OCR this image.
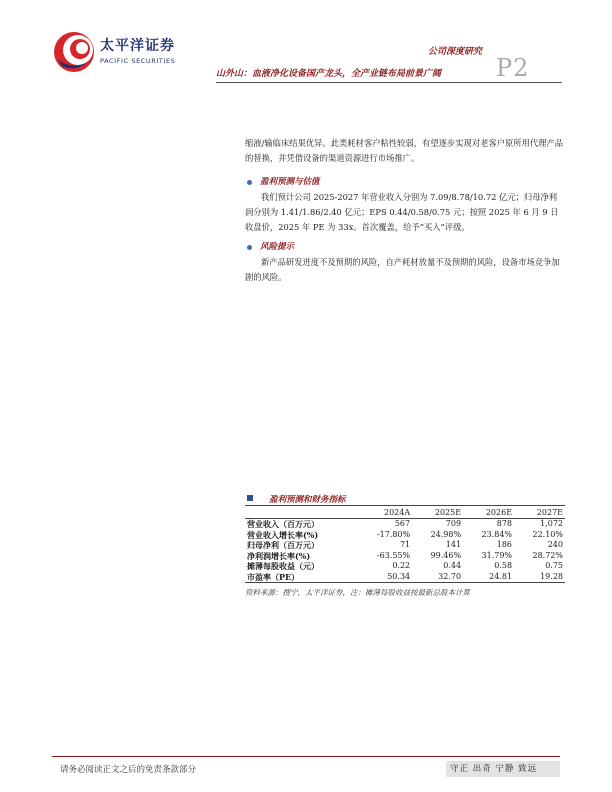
太平洋证券
PACIFIC SECURITIES
公司深度研究
山外山：血液净化设备国产龙头，全产业链布局前景广阔 P2
缩液/输临床结果优异。此类耗材客户粘性较弱，有望逐步实现对老客户原所用代理产品的替换，并凭借设备的渠道资源进行市场推广。
盈利预测与估值
我们预计公司 2025-2027 年营业收入分别为 7.09/8.78/10.72 亿元；归母净利润分别为 1.41/1.86/2.40 亿元；EPS 0.44/0.58/0.75 元；按照 2025 年 6 月 9 日收盘价，2025 年 PE 为 33x。首次覆盖，给予“买入”评级。
风险提示
新产品研发进度不及预期的风险，自产耗材放量不及预期的风险，设备市场竞争加剧的风险。
盈利预测和财务指标
	2024A	2025E	2026E	2027E
营业收入（百万元）	567	709	878	1,072
营业收入增长率(%)	-17.80%	24.98%	23.84%	22.10%
归母净利（百万元）	71	141	186	240
净利润增长率(%)	-63.55%	99.46%	31.79%	28.72%
摊薄每股收益（元）	0.22	0.44	0.58	0.75
市盈率（PE）	50.34	32.70	24.81	19.28
资料来源：搜宁，太平洋证券，注：摊薄每股收益按最新总股本计算
请务必阅读正文之后的免责条款部分	守正 出奇 宁静 致远
